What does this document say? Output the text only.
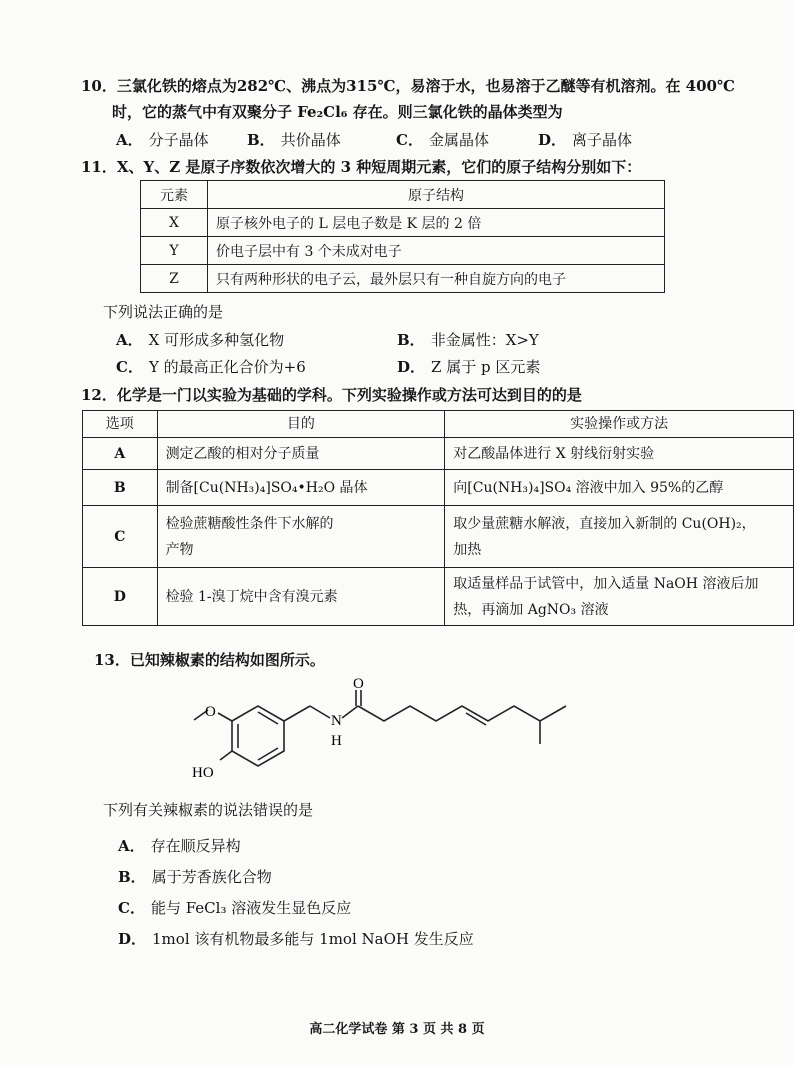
10．三氯化铁的熔点为282℃、沸点为315℃，易溶于水，也易溶于乙醚等有机溶剂。在 400℃
时，它的蒸气中有双聚分子 Fe₂Cl₆ 存在。则三氯化铁的晶体类型为
A． 分子晶体	B． 共价晶体	C． 金属晶体	D． 离子晶体
11．X、Y、Z 是原子序数依次增大的 3 种短周期元素，它们的原子结构分别如下：
元素	原子结构
X	原子核外电子的 L 层电子数是 K 层的 2 倍
Y	价电子层中有 3 个未成对电子
Z	只有两种形状的电子云，最外层只有一种自旋方向的电子
下列说法正确的是
A． X 可形成多种氢化物	B． 非金属性：X>Y
C． Y 的最高正化合价为+6	D． Z 属于 p 区元素
12．化学是一门以实验为基础的学科。下列实验操作或方法可达到目的的是
选项	目的	实验操作或方法
A	测定乙酸的相对分子质量	对乙酸晶体进行 X 射线衍射实验
B	制备[Cu(NH₃)₄]SO₄•H₂O 晶体	向[Cu(NH₃)₄]SO₄ 溶液中加入 95%的乙醇
C	检验蔗糖酸性条件下水解的
产物	取少量蔗糖水解液，直接加入新制的 Cu(OH)₂，
加热
D	检验 1-溴丁烷中含有溴元素	取适量样品于试管中，加入适量 NaOH 溶液后加
热，再滴加 AgNO₃ 溶液
13．已知辣椒素的结构如图所示。
O
O
N
H
HO
下列有关辣椒素的说法错误的是
A． 存在顺反异构
B． 属于芳香族化合物
C． 能与 FeCl₃ 溶液发生显色反应
D． 1mol 该有机物最多能与 1mol NaOH 发生反应
高二化学试卷 第 3 页 共 8 页
